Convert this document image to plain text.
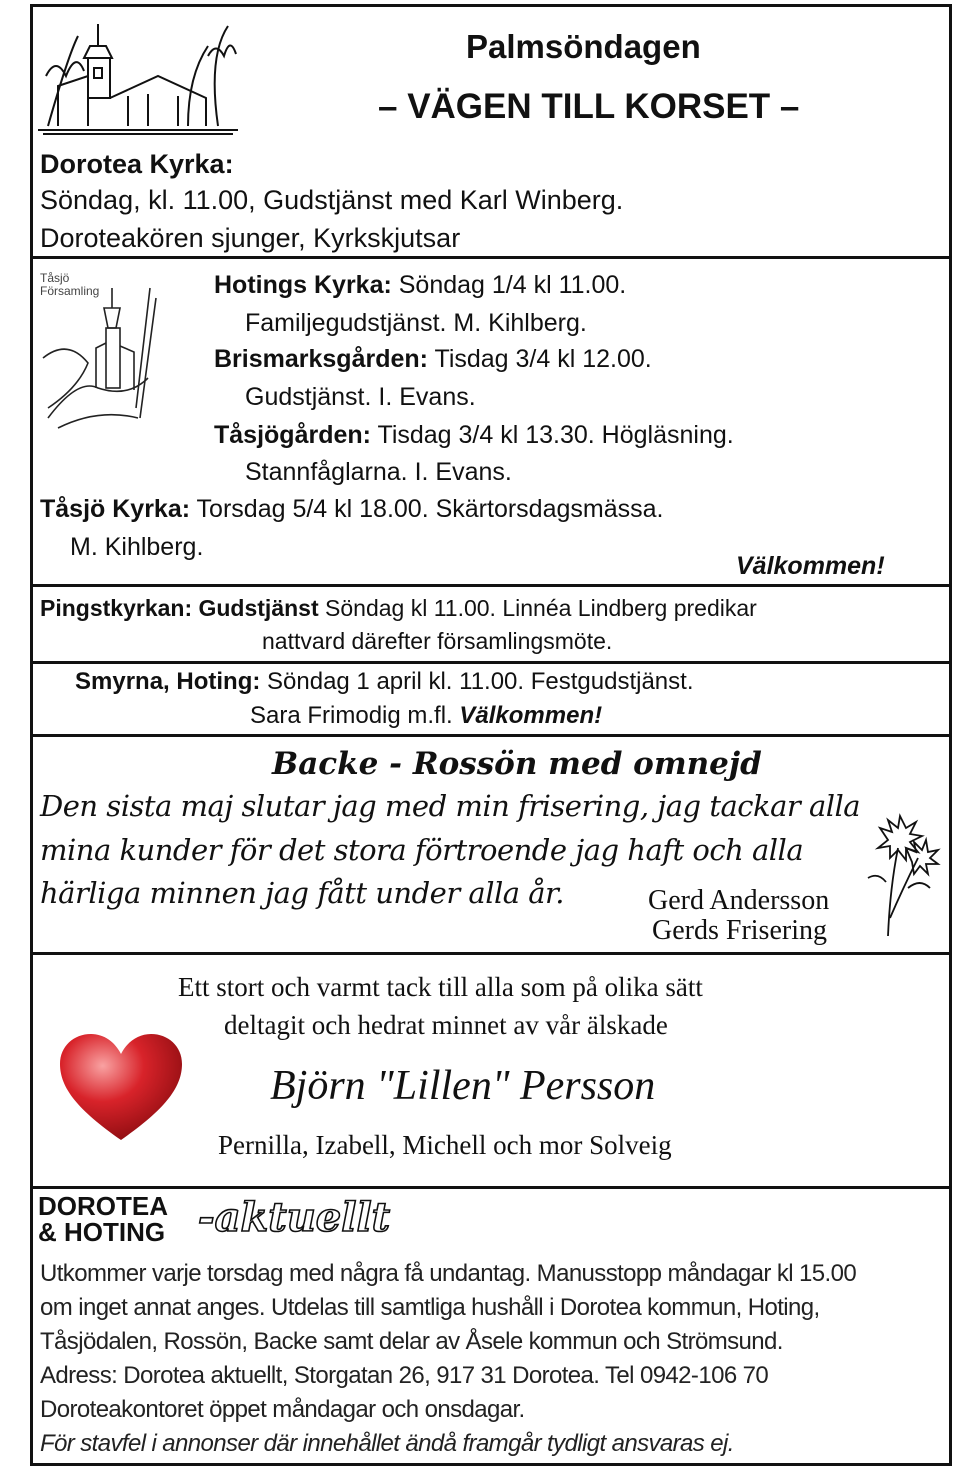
Palmsöndagen
– VÄGEN TILL KORSET –
Dorotea Kyrka:
Söndag, kl. 11.00, Gudstjänst med Karl Winberg.
Doroteakören sjunger, Kyrkskjutsar
Tåsjö Församling	Hotings Kyrka: Söndag 1/4 kl 11.00.
Familjegudstjänst. M. Kihlberg.
Brismarksgården: Tisdag 3/4 kl 12.00.
Gudstjänst. I. Evans.
Tåsjögården: Tisdag 3/4 kl 13.30. Högläsning.
Stannfåglarna. I. Evans.
Tåsjö Kyrka: Torsdag 5/4 kl 18.00. Skärtorsdagsmässa.
M. Kihlberg.
Välkommen!
Pingstkyrkan: Gudstjänst Söndag kl 11.00. Linnéa Lindberg predikar
nattvard därefter församlingsmöte.
Smyrna, Hoting: Söndag 1 april kl. 11.00. Festgudstjänst.
Sara Frimodig m.fl. Välkommen!
Backe - Rossön med omnejd
Den sista maj slutar jag med min frisering, jag tackar alla
mina kunder för det stora förtroende jag haft och alla
härliga minnen jag fått under alla år.	Gerd Andersson
Gerds Frisering
Ett stort och varmt tack till alla som på olika sätt
deltagit och hedrat minnet av vår älskade
Björn "Lillen" Persson
Pernilla, Izabell, Michell och mor Solveig
DOROTEA
& HOTING -aktuellt
Utkommer varje torsdag med några få undantag. Manusstopp måndagar kl 15.00
om inget annat anges. Utdelas till samtliga hushåll i Dorotea kommun, Hoting,
Tåsjödalen, Rossön, Backe samt delar av Åsele kommun och Strömsund.
Adress: Dorotea aktuellt, Storgatan 26, 917 31 Dorotea. Tel 0942-106 70
Doroteakontoret öppet måndagar och onsdagar.
För stavfel i annonser där innehållet ändå framgår tydligt ansvaras ej.
